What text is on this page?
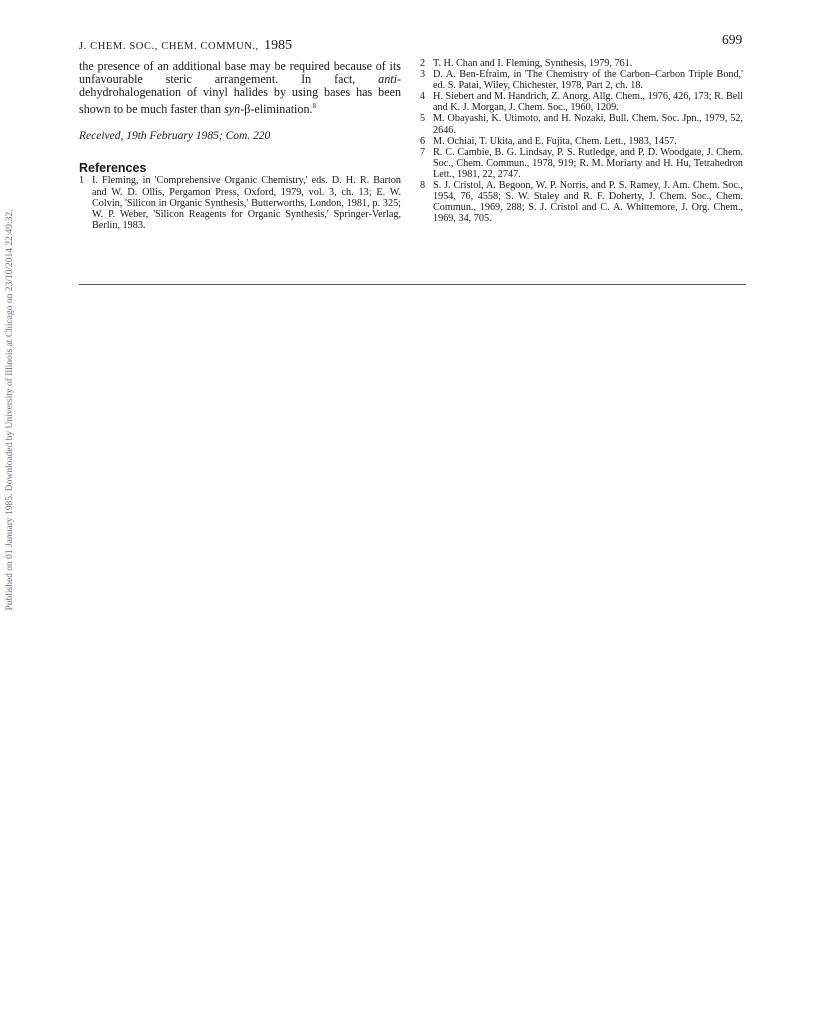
Published on 01 January 1985. Downloaded by University of Illinois at Chicago on 23/10/2014 22:49:32.
J. CHEM. SOC., CHEM. COMMUN., 1985	699

the presence of an additional base may be required because of its unfavourable steric arrangement. In fact, anti-dehydrohalogenation of vinyl halides by using bases has been shown to be much faster than syn-β-elimination.$^8$

Received, 19th February 1985; Com. 220
References
1 I. Fleming, in 'Comprehensive Organic Chemistry,' eds. D. H. R. Barton and W. D. Ollis, Pergamon Press, Oxford, 1979, vol. 3, ch. 13; E. W. Colvin, 'Silicon in Organic Synthesis,' Butterworths, London, 1981, p. 325; W. P. Weber, 'Silicon Reagents for Organic Synthesis,' Springer-Verlag, Berlin, 1983.
2 T. H. Chan and I. Fleming, Synthesis, 1979, 761.
3 D. A. Ben-Efraim, in 'The Chemistry of the Carbon–Carbon Triple Bond,' ed. S. Patai, Wiley, Chichester, 1978, Part 2, ch. 18.
4 H. Siebert and M. Handrich, Z. Anorg. Allg. Chem., 1976, 426, 173; R. Bell and K. J. Morgan, J. Chem. Soc., 1960, 1209.
5 M. Obayashi, K. Utimoto, and H. Nozaki, Bull. Chem. Soc. Jpn., 1979, 52, 2646.
6 M. Ochiai, T. Ukita, and E. Fujita, Chem. Lett., 1983, 1457.
7 R. C. Cambie, B. G. Lindsay, P. S. Rutledge, and P. D. Woodgate, J. Chem. Soc., Chem. Commun., 1978, 919; R. M. Moriarty and H. Hu, Tetrahedron Lett., 1981, 22, 2747.
8 S. J. Cristol, A. Begoon, W. P. Norris, and P. S. Ramey, J. Am. Chem. Soc., 1954, 76, 4558; S. W. Staley and R. F. Doherty, J. Chem. Soc., Chem. Commun., 1969, 288; S. J. Cristol and C. A. Whittemore, J. Org. Chem., 1969, 34, 705.
